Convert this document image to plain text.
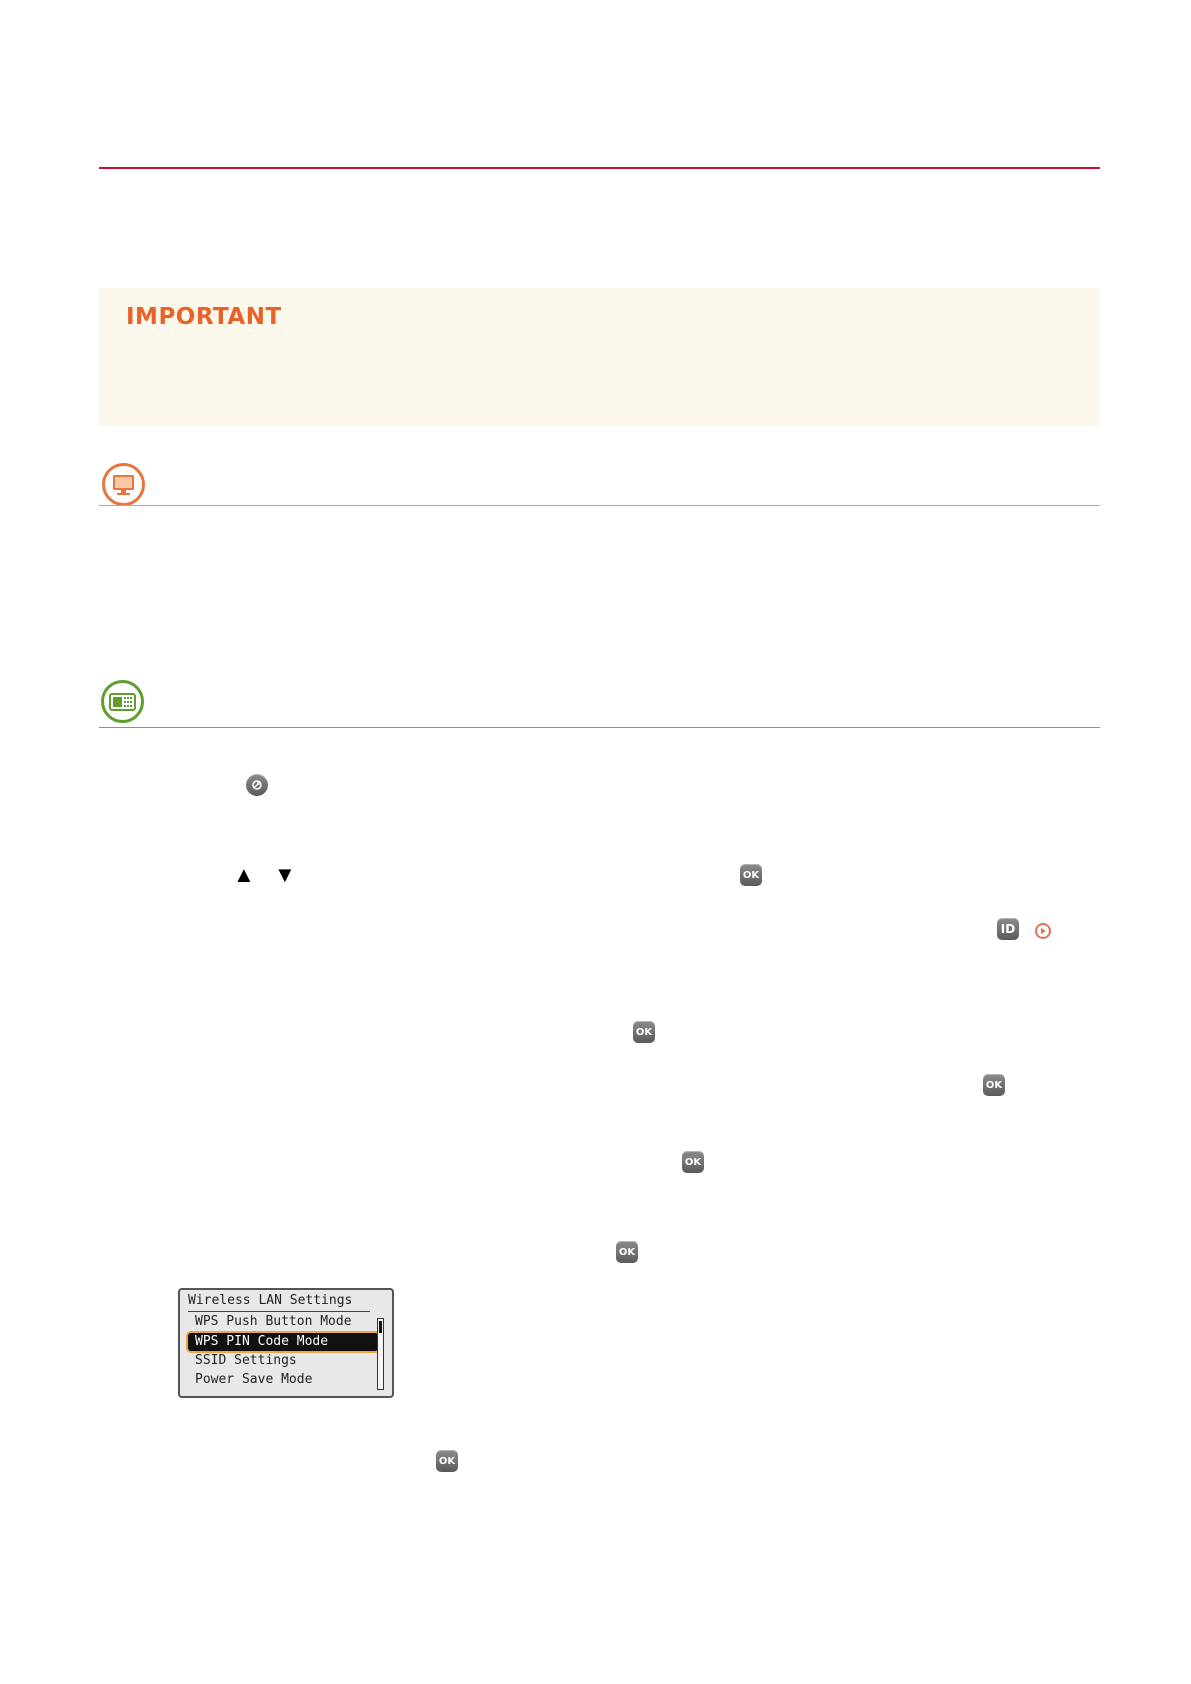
IMPORTANT
▲ ▼	OK
ID
OK
OK
OK
OK
Wireless LAN Settings
WPS Push Button Mode
WPS PIN Code Mode
SSID Settings
Power Save Mode
OK
